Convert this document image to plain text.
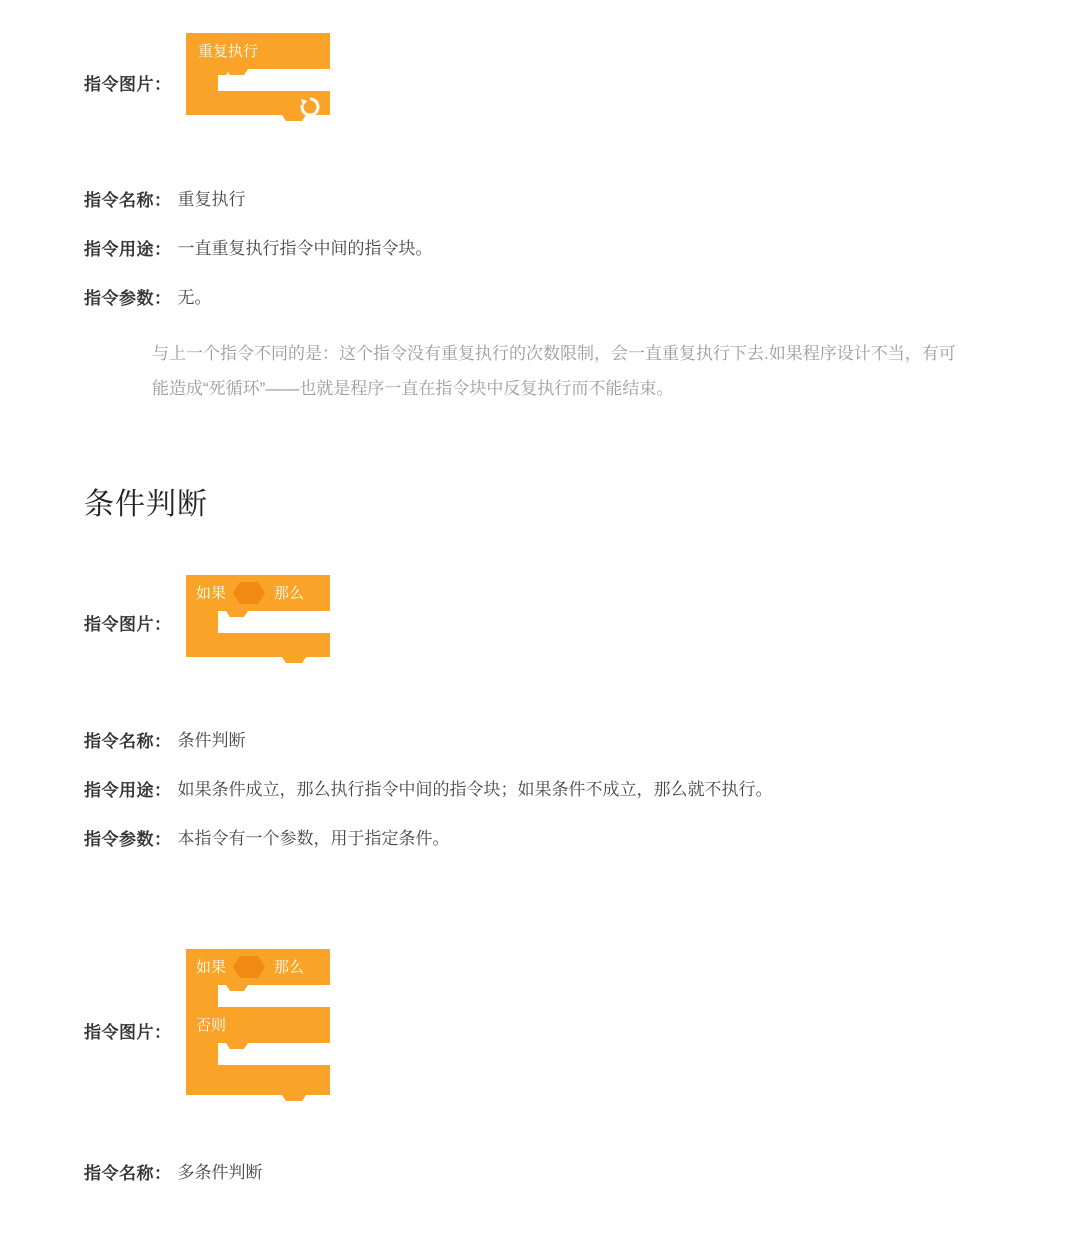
指令图片：
重复执行
指令名称： 重复执行
指令用途： 一直重复执行指令中间的指令块。
指令参数： 无。

与上一个指令不同的是：这个指令没有重复执行的次数限制，会一直重复执行下去.如果程序设计不当，有可能造成“死循环”——也就是程序一直在指令块中反复执行而不能结束。

条件判断
指令图片：
如果	那么
指令名称： 条件判断
指令用途： 如果条件成立，那么执行指令中间的指令块；如果条件不成立，那么就不执行。
指令参数： 本指令有一个参数，用于指定条件。
指令图片：
如果	那么
否则
指令名称： 多条件判断
